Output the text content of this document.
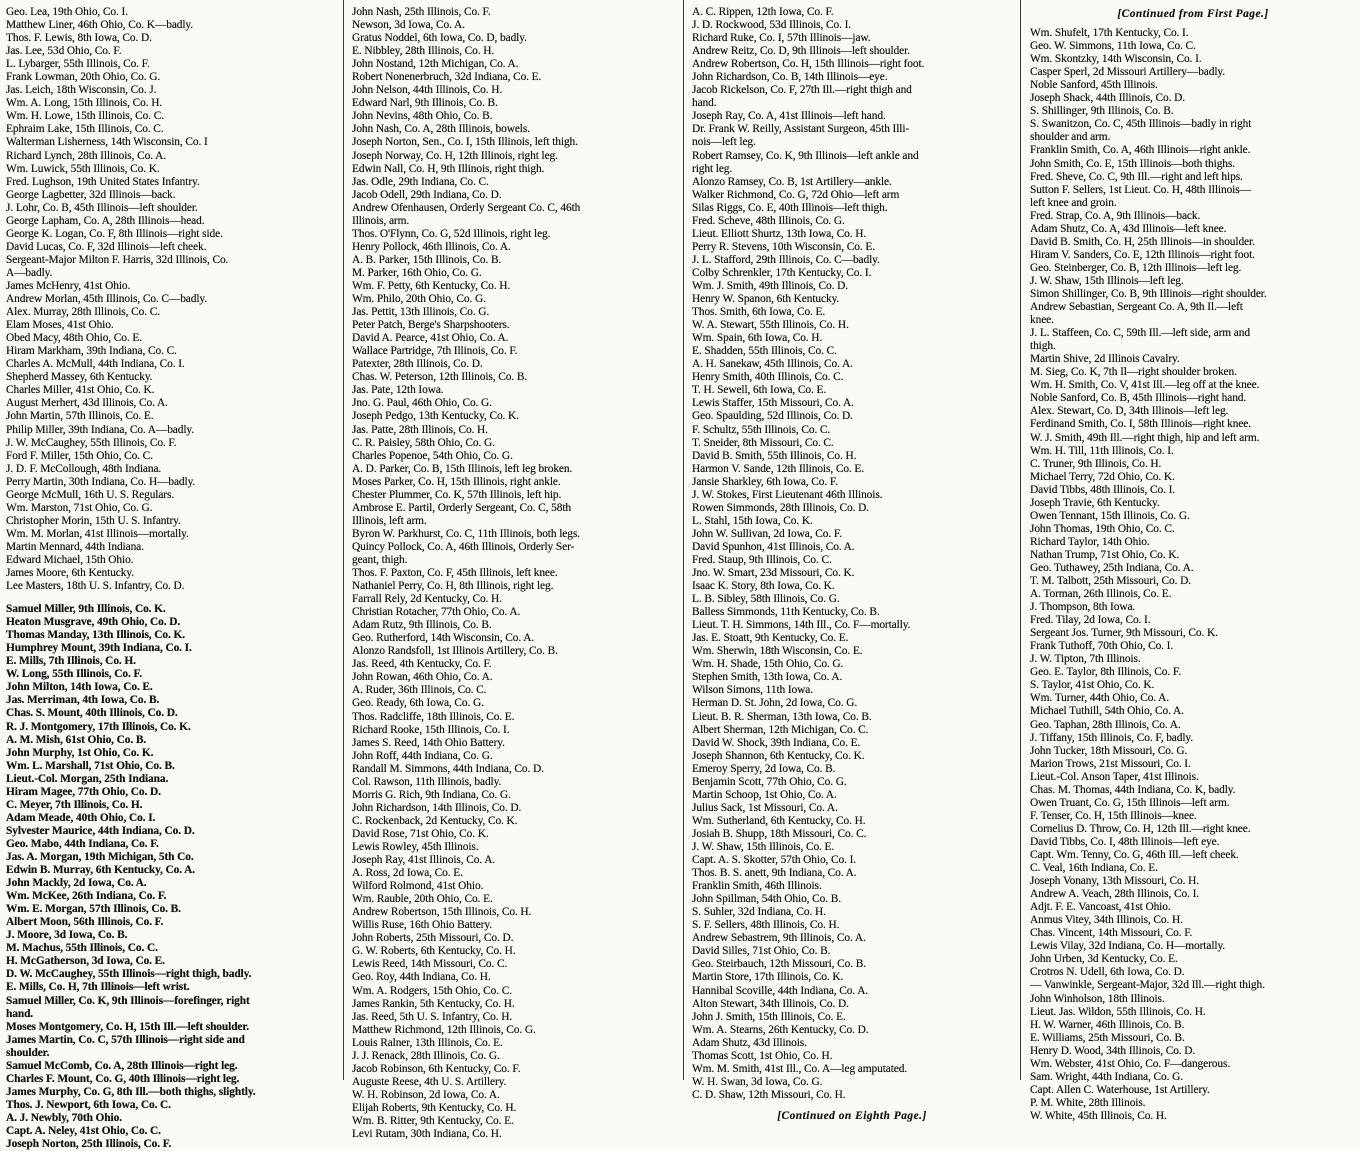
Geo. Lea, 19th Ohio, Co. I.
Matthew Liner, 46th Ohio, Co. K—badly.
Thos. F. Lewis, 8th Iowa, Co. D.
Jas. Lee, 53d Ohio, Co. F.
L. Lybarger, 55th Illinois, Co. F.
Frank Lowman, 20th Ohio, Co. G.
Jas. Leich, 18th Wisconsin, Co. J.
Wm. A. Long, 15th Illinois, Co. H.
Wm. H. Lowe, 15th Illinois, Co. C.
Ephraim Lake, 15th Illinois, Co. C.
Walterman Lisherness, 14th Wisconsin, Co. I
Richard Lynch, 28th Illinois, Co. A.
Wm. Luwick, 55th Illinois, Co. K.
Fred. Lughson, 19th United States Infantry.
George Lagbetter, 32d Illinois—back.
J. Lohr, Co. B, 45th Illinois—left shoulder.
George Lapham, Co. A, 28th Illinois—head.
George K. Logan, Co. F, 8th Illinois—right side.
David Lucas, Co. F, 32d Illinois—left cheek.
Sergeant-Major Milton F. Harris, 32d Illinois, Co.
A—badly.
James McHenry, 41st Ohio.
Andrew Morlan, 45th Illinois, Co. C—badly.
Alex. Murray, 28th Illinois, Co. C.
Elam Moses, 41st Ohio.
Obed Macy, 48th Ohio, Co. E.
Hiram Markham, 39th Indiana, Co. C.
Charles A. McMull, 44th Indiana, Co. I.
Shepherd Massey, 6th Kentucky.
Charles Miller, 41st Ohio, Co. K.
August Merhert, 43d Illinois, Co. A.
John Martin, 57th Illinois, Co. E.
Philip Miller, 39th Indiana, Co. A—badly.
J. W. McCaughey, 55th Illinois, Co. F.
Ford F. Miller, 15th Ohio, Co. C.
J. D. F. McCollough, 48th Indiana.
Perry Martin, 30th Indiana, Co. H—badly.
George McMull, 16th U. S. Regulars.
Wm. Marston, 71st Ohio, Co. G.
Christopher Morin, 15th U. S. Infantry.
Wm. M. Morlan, 41st Illinois—mortally.
Martin Mennard, 44th Indiana.
Edward Michael, 15th Ohio.
James Moore, 6th Kentucky.
Lee Masters, 18th U. S. Infantry, Co. D.
Samuel Miller, 9th Illinois, Co. K.
Heaton Musgrave, 49th Ohio, Co. D.
Thomas Manday, 13th Illinois, Co. K.
Humphrey Mount, 39th Indiana, Co. I.
E. Mills, 7th Illinois, Co. H.
W. Long, 55th Illinois, Co. F.
John Milton, 14th Iowa, Co. E.
Jas. Merriman, 4th Iowa, Co. B.
Chas. S. Mount, 40th Illinois, Co. D.
R. J. Montgomery, 17th Illinois, Co. K.
A. M. Mish, 61st Ohio, Co. B.
John Murphy, 1st Ohio, Co. K.
Wm. L. Marshall, 71st Ohio, Co. B.
Lieut.-Col. Morgan, 25th Indiana.
Hiram Magee, 77th Ohio, Co. D.
C. Meyer, 7th Illinois, Co. H.
Adam Meade, 40th Ohio, Co. I.
Sylvester Maurice, 44th Indiana, Co. D.
Geo. Mabo, 44th Indiana, Co. F.
Jas. A. Morgan, 19th Michigan, 5th Co.
Edwin B. Murray, 6th Kentucky, Co. A.
John Mackly, 2d Iowa, Co. A.
Wm. McKee, 26th Indiana, Co. F.
Wm. E. Morgan, 57th Illinois, Co. B.
Albert Moon, 56th Illinois, Co. F.
J. Moore, 3d Iowa, Co. B.
M. Machus, 55th Illinois, Co. C.
H. McGatherson, 3d Iowa, Co. E.
D. W. McCaughey, 55th Illinois—right thigh, badly.
E. Mills, Co. H, 7th Illinois—left wrist.
Samuel Miller, Co. K, 9th Illinois—forefinger, right
hand.
Moses Montgomery, Co. H, 15th Ill.—left shoulder.
James Martin, Co. C, 57th Illinois—right side and
shoulder.
Samuel McComb, Co. A, 28th Illinois—right leg.
Charles F. Mount, Co. G, 40th Illinois—right leg.
James Murphy, Co. G, 8th Ill.—both thighs, slightly.
Thos. J. Newport, 6th Iowa, Co. C.
A. J. Newbly, 70th Ohio.
Capt. A. Neley, 41st Ohio, Co. C.
Joseph Norton, 25th Illinois, Co. F.
John Nash, 25th Illinois, Co. F.
Newson, 3d Iowa, Co. A.
Gratus Noddel, 6th Iowa, Co. D, badly.
E. Nibbley, 28th Illinois, Co. H.
John Nostand, 12th Michigan, Co. A.
Robert Nonenerbruch, 32d Indiana, Co. E.
John Nelson, 44th Illinois, Co. H.
Edward Narl, 9th Illinois, Co. B.
John Nevins, 48th Ohio, Co. B.
John Nash, Co. A, 28th Illinois, bowels.
Joseph Norton, Sen., Co. I, 15th Illinois, left thigh.
Joseph Norway, Co. H, 12th Illinois, right leg.
Edwin Nall, Co. H, 9th Illinois, right thigh.
Jas. Odle, 29th Indiana, Co. C.
Jacob Odell, 29th Indiana, Co. D.
Andrew Ofenhausen, Orderly Sergeant Co. C, 46th
Illinois, arm.
Thos. O'Flynn, Co. G, 52d Illinois, right leg.
Henry Pollock, 46th Illinois, Co. A.
A. B. Parker, 15th Illinois, Co. B.
M. Parker, 16th Ohio, Co. G.
Wm. F. Petty, 6th Kentucky, Co. H.
Wm. Philo, 20th Ohio, Co. G.
Jas. Pettit, 13th Illinois, Co. G.
Peter Patch, Berge's Sharpshooters.
David A. Pearce, 41st Ohio, Co. A.
Wallace Partridge, 7th Illinois, Co. F.
Patexter, 28th Illinois, Co. D.
Chas. W. Peterson, 12th Illinois, Co. B.
Jas. Pate, 12th Iowa.
Jno. G. Paul, 46th Ohio, Co. G.
Joseph Pedgo, 13th Kentucky, Co. K.
Jas. Patte, 28th Illinois, Co. H.
C. R. Paisley, 58th Ohio, Co. G.
Charles Popenoe, 54th Ohio, Co. G.
A. D. Parker, Co. B, 15th Illinois, left leg broken.
Moses Parker, Co. H, 15th Illinois, right ankle.
Chester Plummer, Co. K, 57th Illinois, left hip.
Ambrose E. Partil, Orderly Sergeant, Co. C, 58th
Illinois, left arm.
Byron W. Parkhurst, Co. C, 11th Illinois, both legs.
Quincy Pollock, Co. A, 46th Illinois, Orderly Ser-
geant, thigh.
Thos. F. Paxton, Co. F, 45th Illinois, left knee.
Nathaniel Perry, Co. H, 8th Illinois, right leg.
Farrall Rely, 2d Kentucky, Co. H.
Christian Rotacher, 77th Ohio, Co. A.
Adam Rutz, 9th Illinois, Co. B.
Geo. Rutherford, 14th Wisconsin, Co. A.
Alonzo Randsfoll, 1st Illinois Artillery, Co. B.
Jas. Reed, 4th Kentucky, Co. F.
John Rowan, 46th Ohio, Co. A.
A. Ruder, 36th Illinois, Co. C.
Geo. Ready, 6th Iowa, Co. G.
Thos. Radcliffe, 18th Illinois, Co. E.
Richard Rooke, 15th Illinois, Co. I.
James S. Reed, 14th Ohio Battery.
John Roff, 44th Indiana, Co. G.
Randall M. Simmons, 44th Indiana, Co. D.
Col. Rawson, 11th Illinois, badly.
Morris G. Rich, 9th Indiana, Co. G.
John Richardson, 14th Illinois, Co. D.
C. Rockenback, 2d Kentucky, Co. K.
David Rose, 71st Ohio, Co. K.
Lewis Rowley, 45th Illinois.
Joseph Ray, 41st Illinois, Co. A.
A. Ross, 2d Iowa, Co. E.
Wilford Rolmond, 41st Ohio.
Wm. Rauble, 20th Ohio, Co. E.
Andrew Robertson, 15th Illinois, Co. H.
Willis Ruse, 16th Ohio Battery.
John Roberts, 25th Missouri, Co. D.
G. W. Roberts, 6th Kentucky, Co. H.
Lewis Reed, 14th Missouri, Co. C.
Geo. Roy, 44th Indiana, Co. H.
Wm. A. Rodgers, 15th Ohio, Co. C.
James Rankin, 5th Kentucky, Co. H.
Jas. Reed, 5th U. S. Infantry, Co. H.
Matthew Richmond, 12th Illinois, Co. G.
Louis Ralner, 13th Illinois, Co. E.
J. J. Renack, 28th Illinois, Co. G.
Jacob Robinson, 6th Kentucky, Co. F.
Auguste Reese, 4th U. S. Artillery.
W. H. Robinson, 2d Iowa, Co. A.
Elijah Roberts, 9th Kentucky, Co. H.
Wm. B. Ritter, 9th Kentucky, Co. E.
Levi Rutam, 30th Indiana, Co. H.
A. C. Rippen, 12th Iowa, Co. F.
J. D. Rockwood, 53d Illinois, Co. I.
Richard Ruke, Co. I, 57th Illinois—jaw.
Andrew Reitz, Co. D, 9th Illinois—left shoulder.
Andrew Robertson, Co. H, 15th Illinois—right foot.
John Richardson, Co. B, 14th Illinois—eye.
Jacob Rickelson, Co. F, 27th Ill.—right thigh and
hand.
Joseph Ray, Co. A, 41st Illinois—left hand.
Dr. Frank W. Reilly, Assistant Surgeon, 45th Illi-
nois—left leg.
Robert Ramsey, Co. K, 9th Illinois—left ankle and
right leg.
Alonzo Ramsey, Co. B, 1st Artillery—ankle.
Walker Richmond, Co. G, 72d Ohio—left arm
Silas Riggs, Co. E, 40th Illinois—left thigh.
Fred. Scheve, 48th Illinois, Co. G.
Lieut. Elliott Shurtz, 13th Iowa, Co. H.
Perry R. Stevens, 10th Wisconsin, Co. E.
J. L. Stafford, 29th Illinois, Co. C—badly.
Colby Schrenkler, 17th Kentucky, Co. I.
Wm. J. Smith, 49th Illinois, Co. D.
Henry W. Spanon, 6th Kentucky.
Thos. Smith, 6th Iowa, Co. E.
W. A. Stewart, 55th Illinois, Co. H.
Wm. Spain, 6th Iowa, Co. H.
E. Shadden, 55th Illinois, Co. C.
A. H. Sanekaw, 45th Illinois, Co. A.
Henry Smith, 40th Illinois, Co. C.
T. H. Sewell, 6th Iowa, Co. E.
Lewis Staffer, 15th Missouri, Co. A.
Geo. Spaulding, 52d Illinois, Co. D.
F. Schultz, 55th Illinois, Co. C.
T. Sneider, 8th Missouri, Co. C.
David B. Smith, 55th Illinois, Co. H.
Harmon V. Sande, 12th Illinois, Co. E.
Jansie Sharkley, 6th Iowa, Co. F.
J. W. Stokes, First Lieutenant 46th Illinois.
Rowen Simmonds, 28th Illinois, Co. D.
L. Stahl, 15th Iowa, Co. K.
John W. Sullivan, 2d Iowa, Co. F.
David Spunhon, 41st Illinois, Co. A.
Fred. Staup, 9th Illinois, Co. C.
Jno. W. Smart, 23d Missouri, Co. K.
Isaac K. Story, 8th Iowa, Co. K.
L. B. Sibley, 58th Illinois, Co. G.
Balless Simmonds, 11th Kentucky, Co. B.
Lieut. T. H. Simmons, 14th Ill., Co. F—mortally.
Jas. E. Stoatt, 9th Kentucky, Co. E.
Wm. Sherwin, 18th Wisconsin, Co. E.
Wm. H. Shade, 15th Ohio, Co. G.
Stephen Smith, 13th Iowa, Co. A.
Wilson Simons, 11th Iowa.
Herman D. St. John, 2d Iowa, Co. G.
Lieut. B. R. Sherman, 13th Iowa, Co. B.
Albert Sherman, 12th Michigan, Co. C.
David W. Shock, 39th Indiana, Co. E.
Joseph Shannon, 6th Kentucky, Co. K.
Emeroy Sperry, 2d Iowa, Co. B.
Benjamin Scott, 77th Ohio, Co. G.
Martin Schoop, 1st Ohio, Co. A.
Julius Sack, 1st Missouri, Co. A.
Wm. Sutherland, 6th Kentucky, Co. H.
Josiah B. Shupp, 18th Missouri, Co. C.
J. W. Shaw, 15th Illinois, Co. E.
Capt. A. S. Skotter, 57th Ohio, Co. I.
Thos. B. S. anett, 9th Indiana, Co. A.
Franklin Smith, 46th Illinois.
John Spillman, 54th Ohio, Co. B.
S. Suhler, 32d Indiana, Co. H.
S. F. Sellers, 48th Illinois, Co. H.
Andrew Sebastrem, 9th Illinois, Co. A.
David Silles, 71st Ohio, Co. B.
Geo. Steirbauch, 12th Missouri, Co. B.
Martin Store, 17th Illinois, Co. K.
Hannibal Scoville, 44th Indiana, Co. A.
Alton Stewart, 34th Illinois, Co. D.
John J. Smith, 15th Illinois, Co. E.
Wm. A. Stearns, 26th Kentucky, Co. D.
Adam Shutz, 43d Illinois.
Thomas Scott, 1st Ohio, Co. H.
Wm. M. Smith, 41st Ill., Co. A—leg amputated.
W. H. Swan, 3d Iowa, Co. G.
C. D. Shaw, 12th Missouri, Co. H.
[Continued on Eighth Page.]
[Continued from First Page.]
Wm. Shufelt, 17th Kentucky, Co. I.
Geo. W. Simmons, 11th Iowa, Co. C.
Wm. Skontzky, 14th Wisconsin, Co. I.
Casper Sperl, 2d Missouri Artillery—badly.
Noble Sanford, 45th Illinois.
Joseph Shack, 44th Illinois, Co. D.
S. Shillinger, 9th Illinois, Co. B.
S. Swanitzon, Co. C, 45th Illinois—badly in right
shoulder and arm.
Franklin Smith, Co. A, 46th Illinois—right ankle.
John Smith, Co. E, 15th Illinois—both thighs.
Fred. Sheve, Co. C, 9th Ill.—right and left hips.
Sutton F. Sellers, 1st Lieut. Co. H, 48th Illinois—
left knee and groin.
Fred. Strap, Co. A, 9th Illinois—back.
Adam Shutz, Co. A, 43d Illinois—left knee.
David B. Smith, Co. H, 25th Illinois—in shoulder.
Hiram V. Sanders, Co. E, 12th Illinois—right foot.
Geo. Steinberger, Co. B, 12th Illinois—left leg.
J. W. Shaw, 15th Illinois—left leg.
Simon Shillinger, Co. B, 9th Illinois—right shoulder.
Andrew Sebastian, Sergeant Co. A, 9th Il.—left
knee.
J. L. Staffeen, Co. C, 59th Ill.—left side, arm and
thigh.
Martin Shive, 2d Illinois Cavalry.
M. Sieg, Co. K, 7th Il—right shoulder broken.
Wm. H. Smith, Co. V, 41st Ill.—leg off at the knee.
Noble Sanford, Co. B, 45th Illinois—right hand.
Alex. Stewart, Co. D, 34th Illinois—left leg.
Ferdinand Smith, Co. I, 58th Illinois—right knee.
W. J. Smith, 49th Ill.—right thigh, hip and left arm.
Wm. H. Till, 11th Illinois, Co. I.
C. Truner, 9th Illinois, Co. H.
Michael Terry, 72d Ohio, Co. K.
David Tibbs, 48th Illinois, Co. I.
Joseph Travie, 6th Kentucky.
Owen Tennant, 15th Illinois, Co. G.
John Thomas, 19th Ohio, Co. C.
Richard Taylor, 14th Ohio.
Nathan Trump, 71st Ohio, Co. K.
Geo. Tuthawey, 25th Indiana, Co. A.
T. M. Talbott, 25th Missouri, Co. D.
A. Torman, 26th Illinois, Co. E.
J. Thompson, 8th Iowa.
Fred. Tilay, 2d Iowa, Co. I.
Sergeant Jos. Turner, 9th Missouri, Co. K.
Frank Tuthoff, 70th Ohio, Co. I.
J. W. Tipton, 7th Illinois.
Geo. E. Taylor, 8th Illinois, Co. F.
S. Taylor, 41st Ohio, Co. K.
Wm. Turner, 44th Ohio, Co. A.
Michael Tuthill, 54th Ohio, Co. A.
Geo. Taphan, 28th Illinois, Co. A.
J. Tiffany, 15th Illinois, Co. F, badly.
John Tucker, 18th Missouri, Co. G.
Marion Trows, 21st Missouri, Co. I.
Lieut.-Col. Anson Taper, 41st Illinois.
Chas. M. Thomas, 44th Indiana, Co. K, badly.
Owen Truant, Co. G, 15th Illinois—left arm.
F. Tenser, Co. H, 15th Illinois—knee.
Cornelius D. Throw, Co. H, 12th Ill.—right knee.
David Tibbs, Co. I, 48th Illinois—left eye.
Capt. Wm. Tenny, Co. G, 46th Ill.—left cheek.
C. Veal, 16th Indiana, Co. E.
Joseph Vonany, 13th Missouri, Co. H.
Andrew A. Veach, 28th Illinois, Co. I.
Adjt. F. E. Vancoast, 41st Ohio.
Anmus Vitey, 34th Illinois, Co. H.
Chas. Vincent, 14th Missouri, Co. F.
Lewis Vilay, 32d Indiana, Co. H—mortally.
John Urben, 3d Kentucky, Co. E.
Crotros N. Udell, 6th Iowa, Co. D.
— Vanwinkle, Sergeant-Major, 32d Ill.—right thigh.
John Winholson, 18th Illinois.
Lieut. Jas. Wildon, 55th Illinois, Co. H.
H. W. Warner, 46th Illinois, Co. B.
E. Williams, 25th Missouri, Co. B.
Henry D. Wood, 34th Illinois, Co. D.
Wm. Webster, 41st Ohio, Co. F—dangerous.
Sam. Wright, 44th Indiana, Co. G.
Capt. Allen C. Waterhouse, 1st Artillery.
P. M. White, 28th Illinois.
W. White, 45th Illinois, Co. H.
